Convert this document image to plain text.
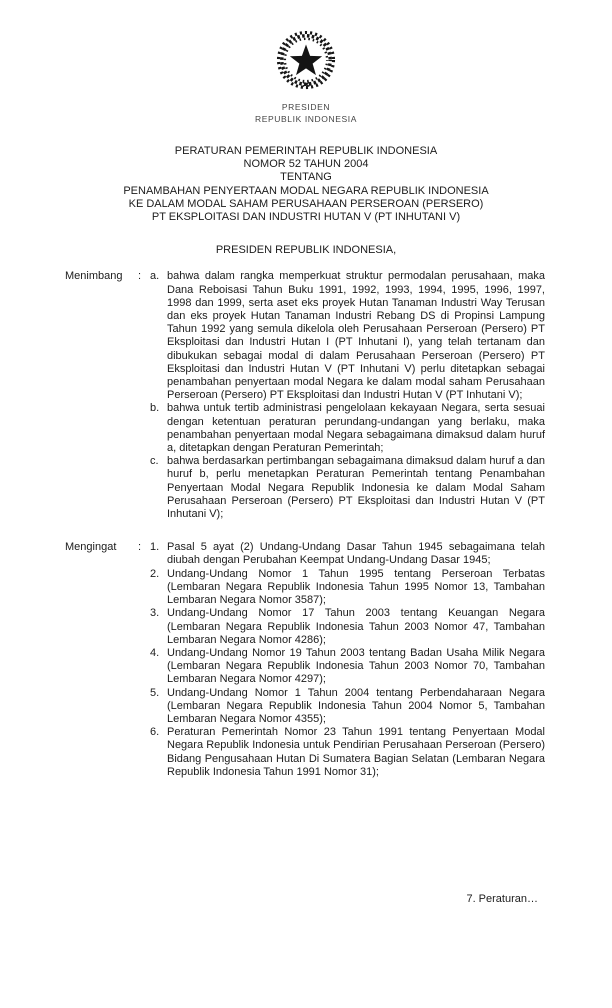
PRESIDEN
REPUBLIK INDONESIA
PERATURAN PEMERINTAH REPUBLIK INDONESIA
NOMOR 52 TAHUN 2004
TENTANG
PENAMBAHAN PENYERTAAN MODAL NEGARA REPUBLIK INDONESIA
KE DALAM MODAL SAHAM PERUSAHAAN PERSEROAN (PERSERO)
PT EKSPLOITASI DAN INDUSTRI HUTAN V (PT INHUTANI V)
PRESIDEN REPUBLIK INDONESIA,
Menimbang	: a. bahwa dalam rangka memperkuat struktur permodalan perusahaan, maka Dana Reboisasi Tahun Buku 1991, 1992, 1993, 1994, 1995, 1996, 1997, 1998 dan 1999, serta aset eks proyek Hutan Tanaman Industri Way Terusan dan eks proyek Hutan Tanaman Industri Rebang DS di Propinsi Lampung Tahun 1992 yang semula dikelola oleh Perusahaan Perseroan (Persero) PT Eksploitasi dan Industri Hutan I (PT Inhutani I), yang telah tertanam dan dibukukan sebagai modal di dalam Perusahaan Perseroan (Persero) PT Eksploitasi dan Industri Hutan V (PT Inhutani V) perlu ditetapkan sebagai penambahan penyertaan modal Negara ke dalam modal saham Perusahaan Perseroan (Persero) PT Eksploitasi dan Industri Hutan V (PT Inhutani V);
b. bahwa untuk tertib administrasi pengelolaan kekayaan Negara, serta sesuai dengan ketentuan peraturan perundang-undangan yang berlaku, maka penambahan penyertaan modal Negara sebagaimana dimaksud dalam huruf a, ditetapkan dengan Peraturan Pemerintah;
c. bahwa berdasarkan pertimbangan sebagaimana dimaksud dalam huruf a dan huruf b, perlu menetapkan Peraturan Pemerintah tentang Penambahan Penyertaan Modal Negara Republik Indonesia ke dalam Modal Saham Perusahaan Perseroan (Persero) PT Eksploitasi dan Industri Hutan V (PT Inhutani V);
Mengingat	: 1. Pasal 5 ayat (2) Undang-Undang Dasar Tahun 1945 sebagaimana telah diubah dengan Perubahan Keempat Undang-Undang Dasar 1945;
2. Undang-Undang Nomor 1 Tahun 1995 tentang Perseroan Terbatas (Lembaran Negara Republik Indonesia Tahun 1995 Nomor 13, Tambahan Lembaran Negara Nomor 3587);
3. Undang-Undang Nomor 17 Tahun 2003 tentang Keuangan Negara (Lembaran Negara Republik Indonesia Tahun 2003 Nomor 47, Tambahan Lembaran Negara Nomor 4286);
4. Undang-Undang Nomor 19 Tahun 2003 tentang Badan Usaha Milik Negara (Lembaran Negara Republik Indonesia Tahun 2003 Nomor 70, Tambahan Lembaran Negara Nomor 4297);
5. Undang-Undang Nomor 1 Tahun 2004 tentang Perbendaharaan Negara (Lembaran Negara Republik Indonesia Tahun 2004 Nomor 5, Tambahan Lembaran Negara Nomor 4355);
6. Peraturan Pemerintah Nomor 23 Tahun 1991 tentang Penyertaan Modal Negara Republik Indonesia untuk Pendirian Perusahaan Perseroan (Persero) Bidang Pengusahaan Hutan Di Sumatera Bagian Selatan (Lembaran Negara Republik Indonesia Tahun 1991 Nomor 31);
7. Peraturan…
